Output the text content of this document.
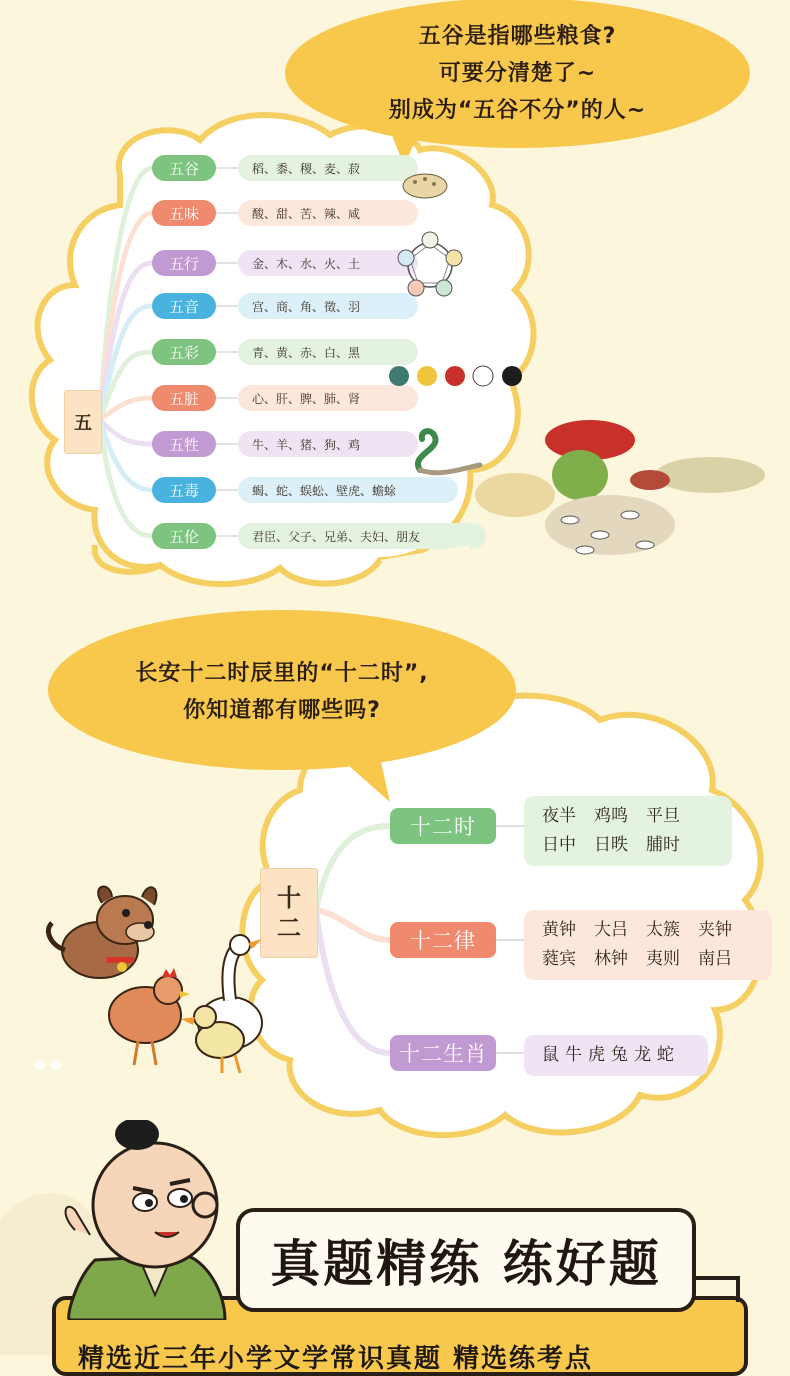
五谷是指哪些粮食?
可要分清楚了~
别成为“五谷不分”的人~
五
五谷	稻、黍、稷、麦、菽
五味	酸、甜、苦、辣、咸
五行	金、木、水、火、土
五音	宫、商、角、徵、羽
五彩	青、黄、赤、白、黑
五脏	心、肝、脾、肺、肾
五牲	牛、羊、猪、狗、鸡
五毒	蝎、蛇、蜈蚣、壁虎、蟾蜍
五伦	君臣、父子、兄弟、夫妇、朋友
长安十二时辰里的“十二时”,
你知道都有哪些吗?
十
二
十二时	夜半 鸡鸣 平旦
日中 日昳 脯时
十二律	黄钟 大吕 太簇 夹钟
蕤宾 林钟 夷则 南吕
十二生肖	鼠 牛 虎 兔 龙 蛇
精选近三年小学文学常识真题 精选练考点
真题精练 练好题
